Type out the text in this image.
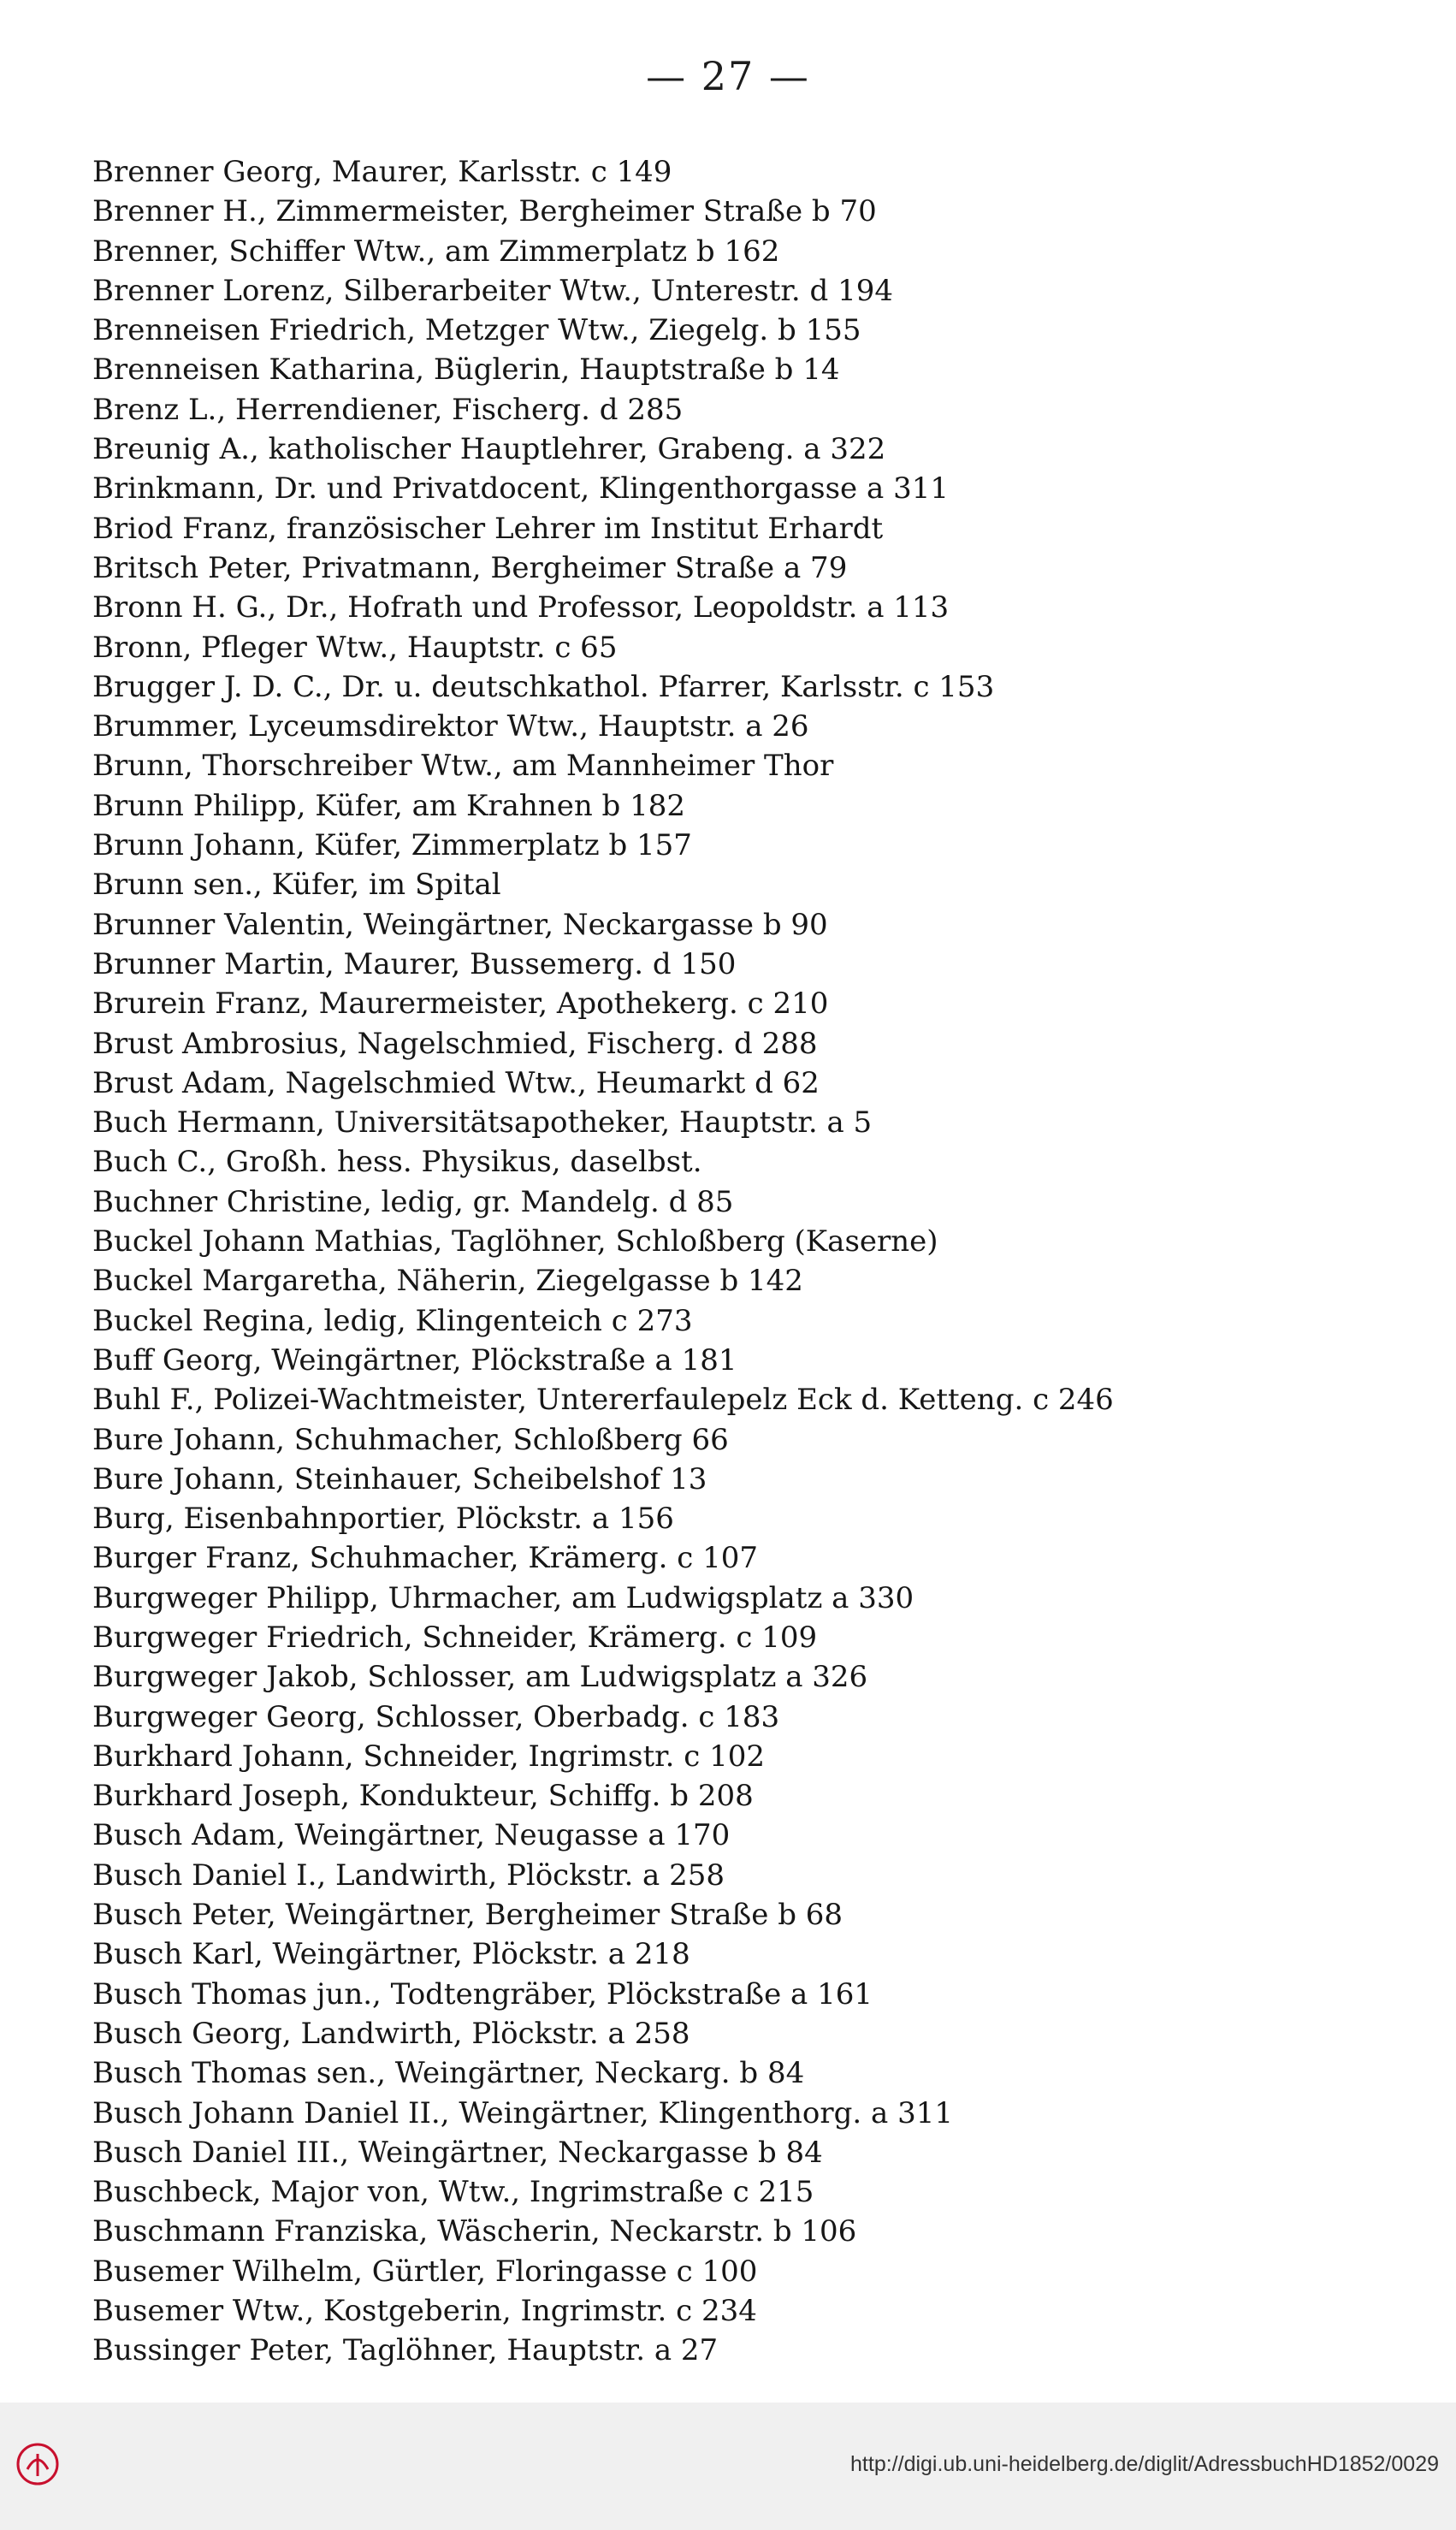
— 27 —
Brenner Georg, Maurer, Karlsstr. c 149
Brenner H., Zimmermeister, Bergheimer Straße b 70
Brenner, Schiffer Wtw., am Zimmerplatz b 162
Brenner Lorenz, Silberarbeiter Wtw., Unterestr. d 194
Brenneisen Friedrich, Metzger Wtw., Ziegelg. b 155
Brenneisen Katharina, Büglerin, Hauptstraße b 14
Brenz L., Herrendiener, Fischerg. d 285
Breunig A., katholischer Hauptlehrer, Grabeng. a 322
Brinkmann, Dr. und Privatdocent, Klingenthorgasse a 311
Briod Franz, französischer Lehrer im Institut Erhardt
Britsch Peter, Privatmann, Bergheimer Straße a 79
Bronn H. G., Dr., Hofrath und Professor, Leopoldstr. a 113
Bronn, Pfleger Wtw., Hauptstr. c 65
Brugger J. D. C., Dr. u. deutschkathol. Pfarrer, Karlsstr. c 153
Brummer, Lyceumsdirektor Wtw., Hauptstr. a 26
Brunn, Thorschreiber Wtw., am Mannheimer Thor
Brunn Philipp, Küfer, am Krahnen b 182
Brunn Johann, Küfer, Zimmerplatz b 157
Brunn sen., Küfer, im Spital
Brunner Valentin, Weingärtner, Neckargasse b 90
Brunner Martin, Maurer, Bussemerg. d 150
Brurein Franz, Maurermeister, Apothekerg. c 210
Brust Ambrosius, Nagelschmied, Fischerg. d 288
Brust Adam, Nagelschmied Wtw., Heumarkt d 62
Buch Hermann, Universitätsapotheker, Hauptstr. a 5
Buch C., Großh. hess. Physikus, daselbst.
Buchner Christine, ledig, gr. Mandelg. d 85
Buckel Johann Mathias, Taglöhner, Schloßberg (Kaserne)
Buckel Margaretha, Näherin, Ziegelgasse b 142
Buckel Regina, ledig, Klingenteich c 273
Buff Georg, Weingärtner, Plöckstraße a 181
Buhl F., Polizei-Wachtmeister, Untererfaulepelz Eck d. Ketteng. c 246
Bure Johann, Schuhmacher, Schloßberg 66
Bure Johann, Steinhauer, Scheibelshof 13
Burg, Eisenbahnportier, Plöckstr. a 156
Burger Franz, Schuhmacher, Krämerg. c 107
Burgweger Philipp, Uhrmacher, am Ludwigsplatz a 330
Burgweger Friedrich, Schneider, Krämerg. c 109
Burgweger Jakob, Schlosser, am Ludwigsplatz a 326
Burgweger Georg, Schlosser, Oberbadg. c 183
Burkhard Johann, Schneider, Ingrimstr. c 102
Burkhard Joseph, Kondukteur, Schiffg. b 208
Busch Adam, Weingärtner, Neugasse a 170
Busch Daniel I., Landwirth, Plöckstr. a 258
Busch Peter, Weingärtner, Bergheimer Straße b 68
Busch Karl, Weingärtner, Plöckstr. a 218
Busch Thomas jun., Todtengräber, Plöckstraße a 161
Busch Georg, Landwirth, Plöckstr. a 258
Busch Thomas sen., Weingärtner, Neckarg. b 84
Busch Johann Daniel II., Weingärtner, Klingenthorg. a 311
Busch Daniel III., Weingärtner, Neckargasse b 84
Buschbeck, Major von, Wtw., Ingrimstraße c 215
Buschmann Franziska, Wäscherin, Neckarstr. b 106
Busemer Wilhelm, Gürtler, Floringasse c 100
Busemer Wtw., Kostgeberin, Ingrimstr. c 234
Bussinger Peter, Taglöhner, Hauptstr. a 27
http://digi.ub.uni-heidelberg.de/diglit/AdressbuchHD1852/0029
